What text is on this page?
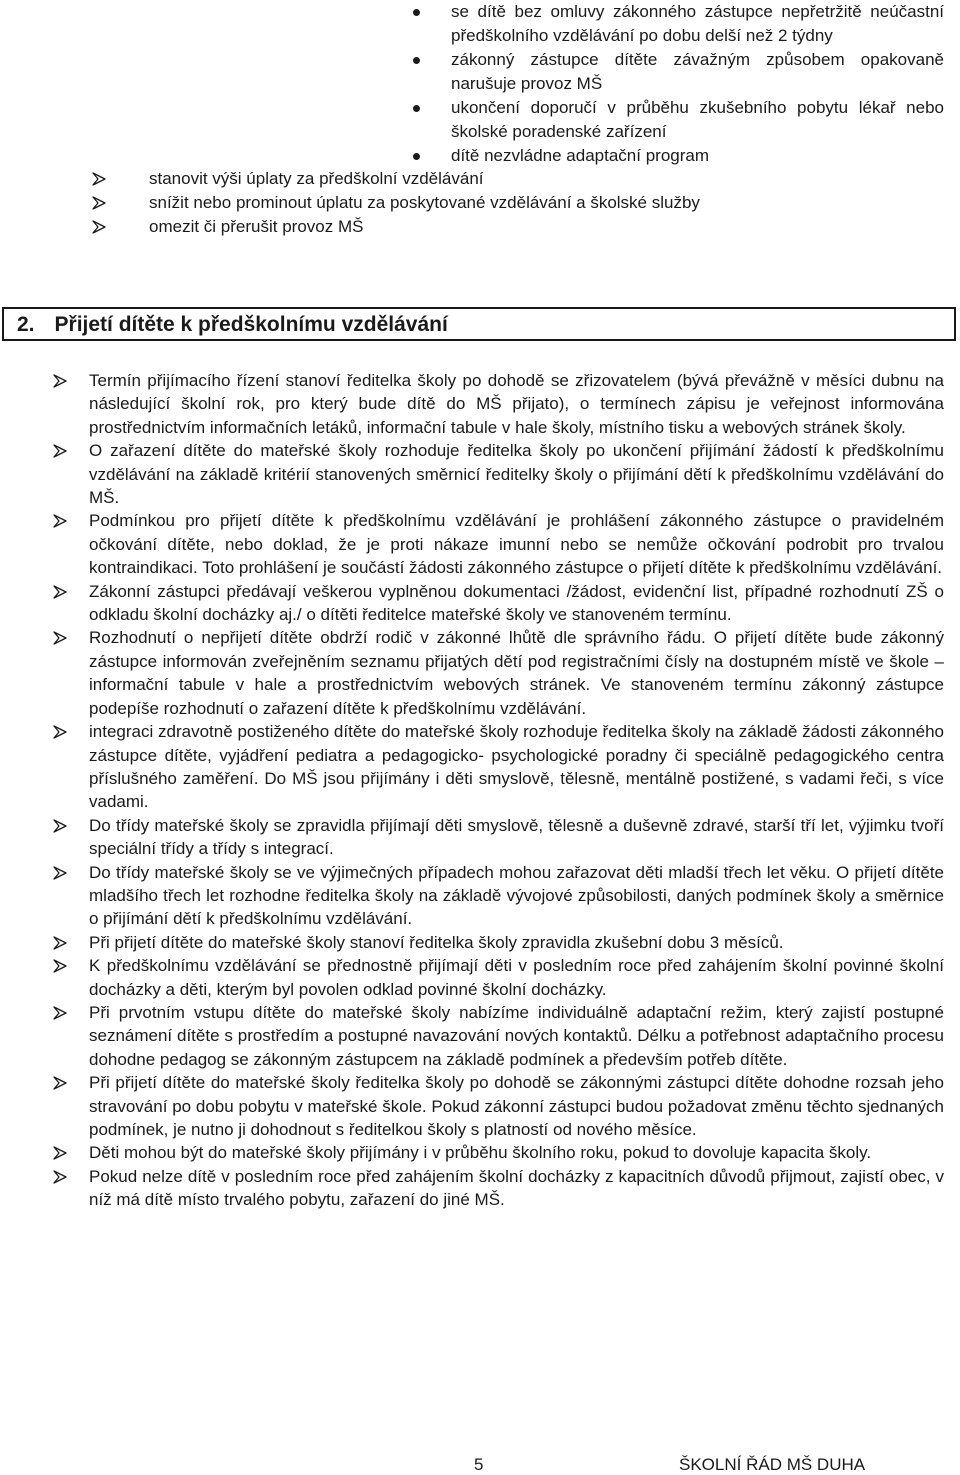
se dítě bez omluvy zákonného zástupce nepřetržitě neúčastní předškolního vzdělávání po dobu delší než 2 týdny
zákonný zástupce dítěte závažným způsobem opakovaně narušuje provoz MŠ
ukončení doporučí v průběhu zkušebního pobytu lékař nebo školské poradenské zařízení
dítě nezvládne adaptační program
stanovit výši úplaty za předškolní vzdělávání
snížit nebo prominout úplatu za poskytované vzdělávání a školské služby
omezit či přerušit provoz MŠ
2. Přijetí dítěte k předškolnímu vzdělávání
Termín přijímacího řízení stanoví ředitelka školy po dohodě se zřizovatelem (bývá převážně v měsíci dubnu na následující školní rok, pro který bude dítě do MŠ přijato), o termínech zápisu je veřejnost informována prostřednictvím informačních letáků, informační tabule v hale školy, místního tisku a webových stránek školy.
O zařazení dítěte do mateřské školy rozhoduje ředitelka školy po ukončení přijímání žádostí k předškolnímu vzdělávání na základě kritérií stanovených směrnicí ředitelky školy o přijímání dětí k předškolnímu vzdělávání do MŠ.
Podmínkou pro přijetí dítěte k předškolnímu vzdělávání je prohlášení zákonného zástupce o pravidelném očkování dítěte, nebo doklad, že je proti nákaze imunní nebo se nemůže očkování podrobit pro trvalou kontraindikaci. Toto prohlášení je součástí žádosti zákonného zástupce o přijetí dítěte k předškolnímu vzdělávání.
Zákonní zástupci předávají veškerou vyplněnou dokumentaci /žádost, evidenční list, případné rozhodnutí ZŠ o odkladu školní docházky aj./ o dítěti ředitelce mateřské školy ve stanoveném termínu.
Rozhodnutí o nepřijetí dítěte obdrží rodič v zákonné lhůtě dle správního řádu. O přijetí dítěte bude zákonný zástupce informován zveřejněním seznamu přijatých dětí pod registračními čísly na dostupném místě ve škole – informační tabule v hale a prostřednictvím webových stránek. Ve stanoveném termínu zákonný zástupce podepíše rozhodnutí o zařazení dítěte k předškolnímu vzdělávání.
integraci zdravotně postiženého dítěte do mateřské školy rozhoduje ředitelka školy na základě žádosti zákonného zástupce dítěte, vyjádření pediatra a pedagogicko- psychologické poradny či speciálně pedagogického centra příslušného zaměření. Do MŠ jsou přijímány i děti smyslově, tělesně, mentálně postižené, s vadami řeči, s více vadami.
Do třídy mateřské školy se zpravidla přijímají děti smyslově, tělesně a duševně zdravé, starší tří let, výjimku tvoří speciální třídy a třídy s integrací.
Do třídy mateřské školy se ve výjimečných případech mohou zařazovat děti mladší třech let věku. O přijetí dítěte mladšího třech let rozhodne ředitelka školy na základě vývojové způsobilosti, daných podmínek školy a směrnice o přijímání dětí k předškolnímu vzdělávání.
Při přijetí dítěte do mateřské školy stanoví ředitelka školy zpravidla zkušební dobu 3 měsíců.
K předškolnímu vzdělávání se přednostně přijímají děti v posledním roce před zahájením školní povinné školní docházky a děti, kterým byl povolen odklad povinné školní docházky.
Při prvotním vstupu dítěte do mateřské školy nabízíme individuálně adaptační režim, který zajistí postupné seznámení dítěte s prostředím a postupné navazování nových kontaktů. Délku a potřebnost adaptačního procesu dohodne pedagog se zákonným zástupcem na základě podmínek a především potřeb dítěte.
Při přijetí dítěte do mateřské školy ředitelka školy po dohodě se zákonnými zástupci dítěte dohodne rozsah jeho stravování po dobu pobytu v mateřské škole. Pokud zákonní zástupci budou požadovat změnu těchto sjednaných podmínek, je nutno ji dohodnout s ředitelkou školy s platností od nového měsíce.
Děti mohou být do mateřské školy přijímány i v průběhu školního roku, pokud to dovoluje kapacita školy.
Pokud nelze dítě v posledním roce před zahájením školní docházky z kapacitních důvodů přijmout, zajistí obec, v níž má dítě místo trvalého pobytu, zařazení do jiné MŠ.
5	ŠKOLNÍ ŘÁD MŠ DUHA
